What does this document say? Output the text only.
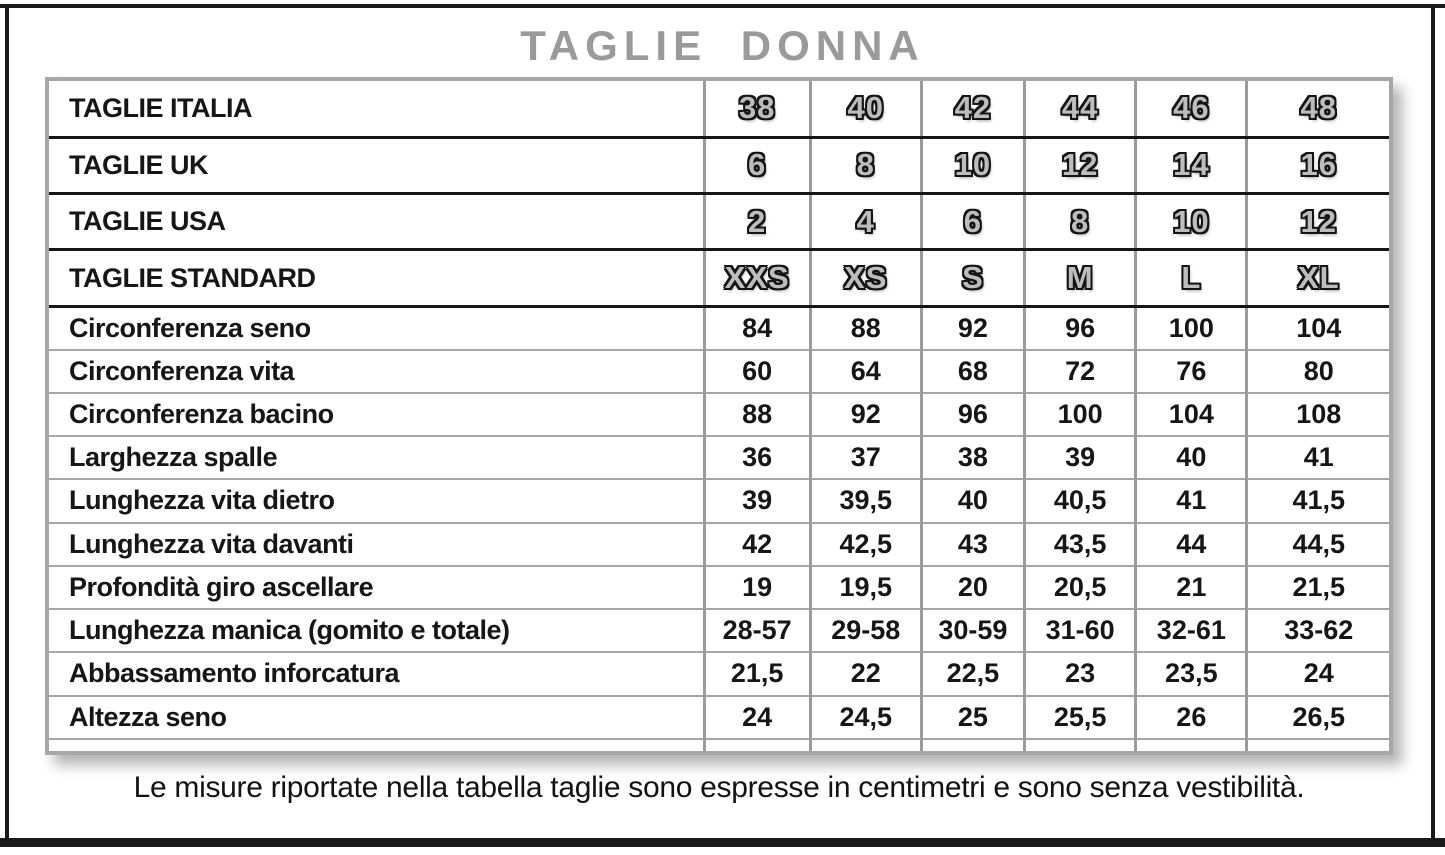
TAGLIE DONNA
TAGLIE ITALIA	38	40	42	44	46	48
TAGLIE UK	6	8	10	12	14	16
TAGLIE USA	2	4	6	8	10	12
TAGLIE STANDARD	XXS	XS	S	M	L	XL
Circonferenza seno	84	88	92	96	100	104
Circonferenza vita	60	64	68	72	76	80
Circonferenza bacino	88	92	96	100	104	108
Larghezza spalle	36	37	38	39	40	41
Lunghezza vita dietro	39	39,5	40	40,5	41	41,5
Lunghezza vita davanti	42	42,5	43	43,5	44	44,5
Profondità giro ascellare	19	19,5	20	20,5	21	21,5
Lunghezza manica (gomito e totale)	28-57	29-58	30-59	31-60	32-61	33-62
Abbassamento inforcatura	21,5	22	22,5	23	23,5	24
Altezza seno	24	24,5	25	25,5	26	26,5

Le misure riportate nella tabella taglie sono espresse in centimetri e sono senza vestibilità.
